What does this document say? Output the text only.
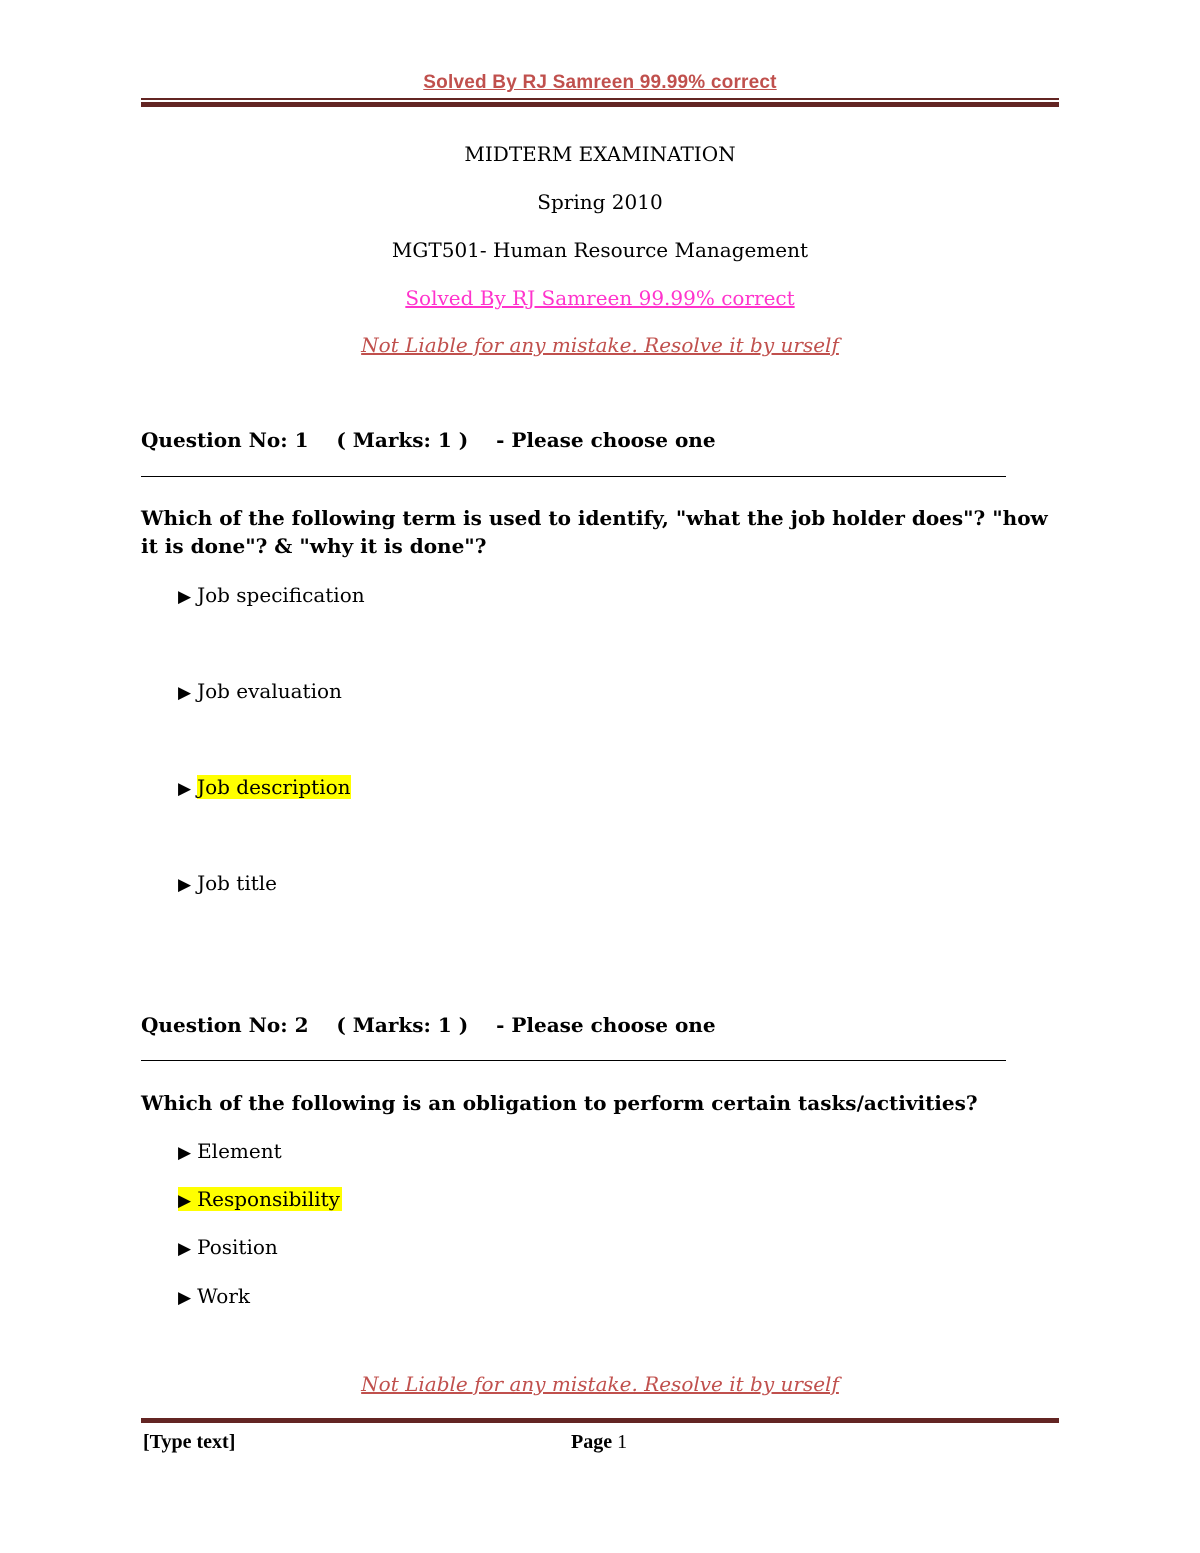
Solved By RJ Samreen 99.99% correct
MIDTERM EXAMINATION
Spring 2010
MGT501- Human Resource Management
Solved By RJ Samreen 99.99% correct
Not Liable for any mistake. Resolve it by urself
Question No: 1    ( Marks: 1 )    - Please choose one
Which of the following term is used to identify, "what the job holder does"? "how it is done"? & "why it is done"?
▶ Job specification
▶ Job evaluation
▶ Job description
▶ Job title
Question No: 2    ( Marks: 1 )    - Please choose one
Which of the following is an obligation to perform certain tasks/activities?
▶ Element
▶ Responsibility
▶ Position
▶ Work
Not Liable for any mistake. Resolve it by urself
[Type text]	Page 1
